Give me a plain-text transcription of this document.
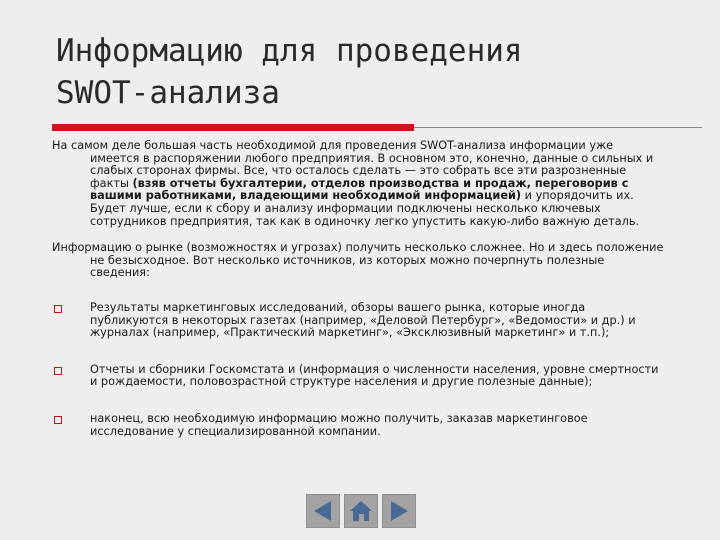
Информацию для проведения
SWOT-анализа

На самом деле большая часть необходимой для проведения SWOT-анализа информации уже имеется в распоряжении любого предприятия. В основном это, конечно, данные о сильных и слабых сторонах фирмы. Все, что осталось сделать — это собрать все эти разрозненные факты (взяв отчеты бухгалтерии, отделов производства и продаж, переговорив с вашими работниками, владеющими необходимой информацией) и упорядочить их. Будет лучше, если к сбору и анализу информации подключены несколько ключевых сотрудников предприятия, так как в одиночку легко упустить какую-либо важную деталь.

Информацию о рынке (возможностях и угрозах) получить несколько сложнее. Но и здесь положение не безысходное. Вот несколько источников, из которых можно почерпнуть полезные сведения:

Результаты маркетинговых исследований, обзоры вашего рынка, которые иногда публикуются в некоторых газетах (например, «Деловой Петербург», «Ведомости» и др.) и журналах (например, «Практический маркетинг», «Эксклюзивный маркетинг» и т.п.);
Отчеты и сборники Госкомстата и (информация о численности населения, уровне смертности и рождаемости, половозрастной структуре населения и другие полезные данные);
наконец, всю необходимую информацию можно получить, заказав маркетинговое исследование у специализированной компании.
